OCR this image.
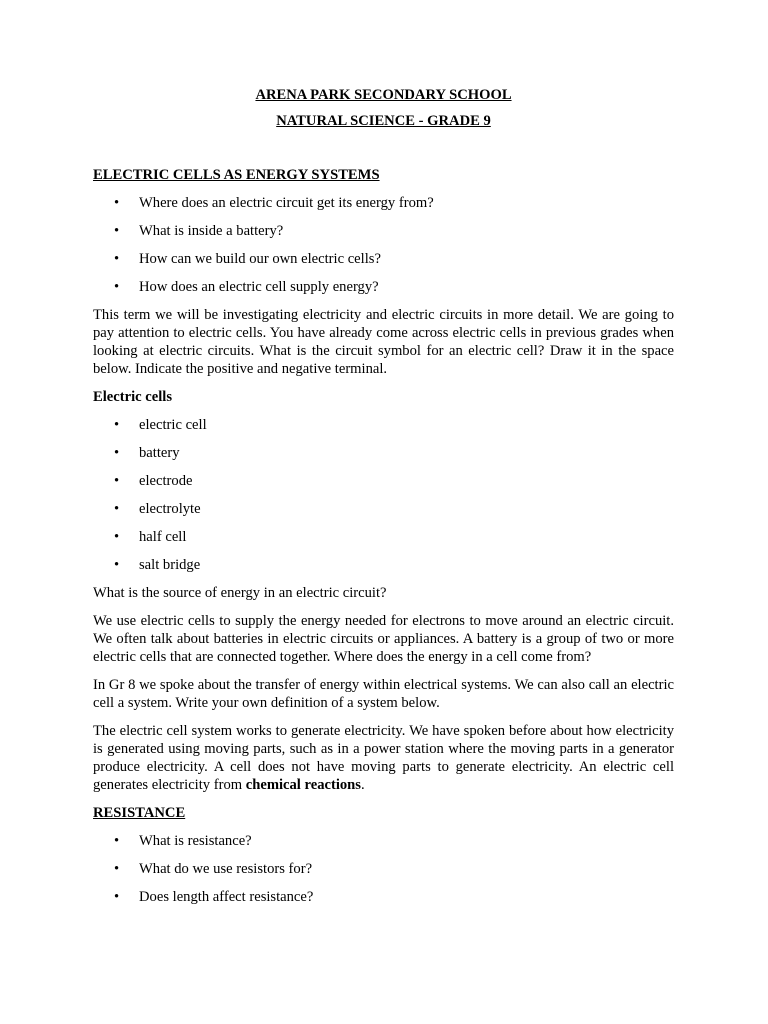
ARENA PARK SECONDARY SCHOOL

NATURAL SCIENCE - GRADE 9

ELECTRIC CELLS AS ENERGY SYSTEMS

• Where does an electric circuit get its energy from?
• What is inside a battery?
• How can we build our own electric cells?
• How does an electric cell supply energy?

This term we will be investigating electricity and electric circuits in more detail. We are going to pay attention to electric cells. You have already come across electric cells in previous grades when looking at electric circuits. What is the circuit symbol for an electric cell? Draw it in the space below. Indicate the positive and negative terminal.

Electric cells

• electric cell
• battery
• electrode
• electrolyte
• half cell
• salt bridge

What is the source of energy in an electric circuit?

We use electric cells to supply the energy needed for electrons to move around an electric circuit. We often talk about batteries in electric circuits or appliances. A battery is a group of two or more electric cells that are connected together. Where does the energy in a cell come from?

In Gr 8 we spoke about the transfer of energy within electrical systems. We can also call an electric cell a system. Write your own definition of a system below.

The electric cell system works to generate electricity. We have spoken before about how electricity is generated using moving parts, such as in a power station where the moving parts in a generator produce electricity. A cell does not have moving parts to generate electricity. An electric cell generates electricity from chemical reactions.

RESISTANCE

• What is resistance?
• What do we use resistors for?
• Does length affect resistance?
